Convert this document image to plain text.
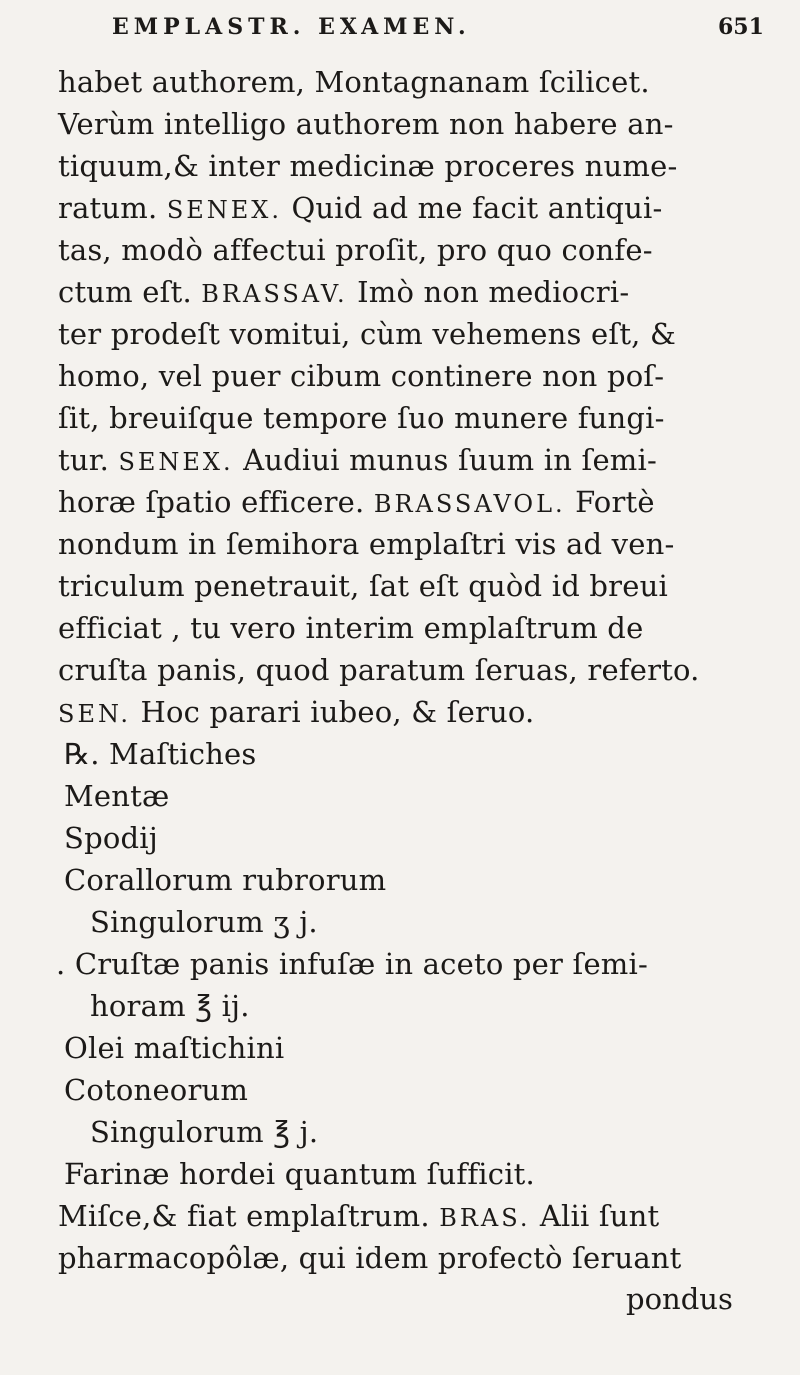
EMPLASTR. EXAMEN.	651
habet authorem, Montagnanam ſcilicet.
Verùm intelligo authorem non habere an-
tiquum,& inter medicinæ proceres nume-
ratum. SENEX. Quid ad me facit antiqui-
tas, modò affectui proſit, pro quo confe-
ctum eſt. BRASSAV. Imò non mediocri-
ter prodeſt vomitui, cùm vehemens eſt, &
homo, vel puer cibum continere non poſ-
ſit, breuiſque tempore ſuo munere fungi-
tur. SENEX. Audiui munus ſuum in ſemi-
horæ ſpatio efficere. BRASSAVOL. Fortè
nondum in ſemihora emplaſtri vis ad ven-
triculum penetrauit, ſat eſt quòd id breui
efficiat , tu vero interim emplaſtrum de
cruſta panis, quod paratum ſeruas, referto.
SEN. Hoc parari iubeo, & ſeruo.
℞. Maſtiches
Mentæ
Spodij
Corallorum rubrorum
Singulorum ʒ j.
. Cruſtæ panis infuſæ in aceto per ſemi-
horam ℥ ij.
Olei maſtichini
Cotoneorum
Singulorum ℥ j.
Farinæ hordei quantum ſufficit.
Miſce,& fiat emplaſtrum. BRAS. Alii ſunt
pharmacopôlæ, qui idem profectò ſeruant
pondus
